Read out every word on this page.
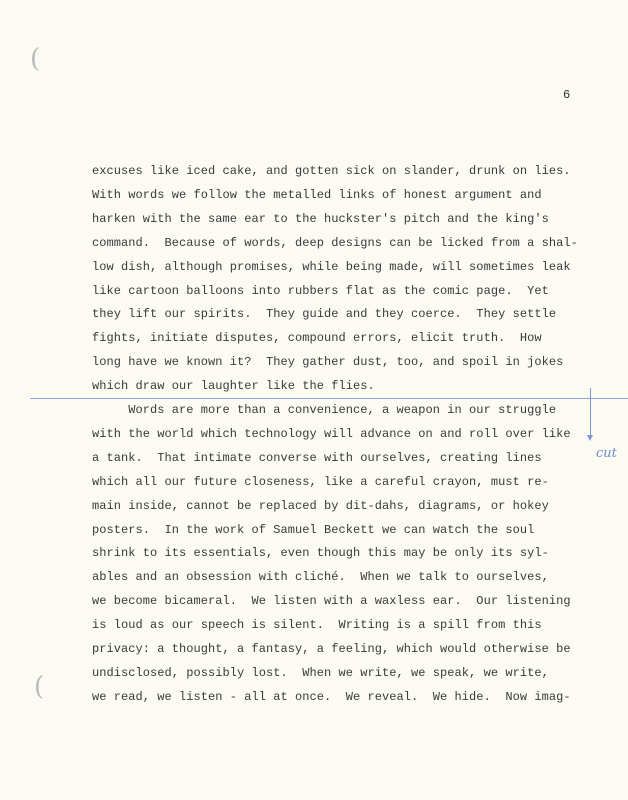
(
(
6
excuses like iced cake, and gotten sick on slander, drunk on lies.
With words we follow the metalled links of honest argument and
harken with the same ear to the huckster's pitch and the king's
command.  Because of words, deep designs can be licked from a shal-
low dish, although promises, while being made, will sometimes leak
like cartoon balloons into rubbers flat as the comic page.  Yet
they lift our spirits.  They guide and they coerce.  They settle
fights, initiate disputes, compound errors, elicit truth.  How
long have we known it?  They gather dust, too, and spoil in jokes
which draw our laughter like the flies.
Words are more than a convenience, a weapon in our struggle
with the world which technology will advance on and roll over like
a tank.  That intimate converse with ourselves, creating lines
which all our future closeness, like a careful crayon, must re-
main inside, cannot be replaced by dit-dahs, diagrams, or hokey
posters.  In the work of Samuel Beckett we can watch the soul
shrink to its essentials, even though this may be only its syl-
ables and an obsession with cliché.  When we talk to ourselves,
we become bicameral.  We listen with a waxless ear.  Our listening
is loud as our speech is silent.  Writing is a spill from this
privacy: a thought, a fantasy, a feeling, which would otherwise be
undisclosed, possibly lost.  When we write, we speak, we write,
we read, we listen - all at once.  We reveal.  We hide.  Now imag-
cut
